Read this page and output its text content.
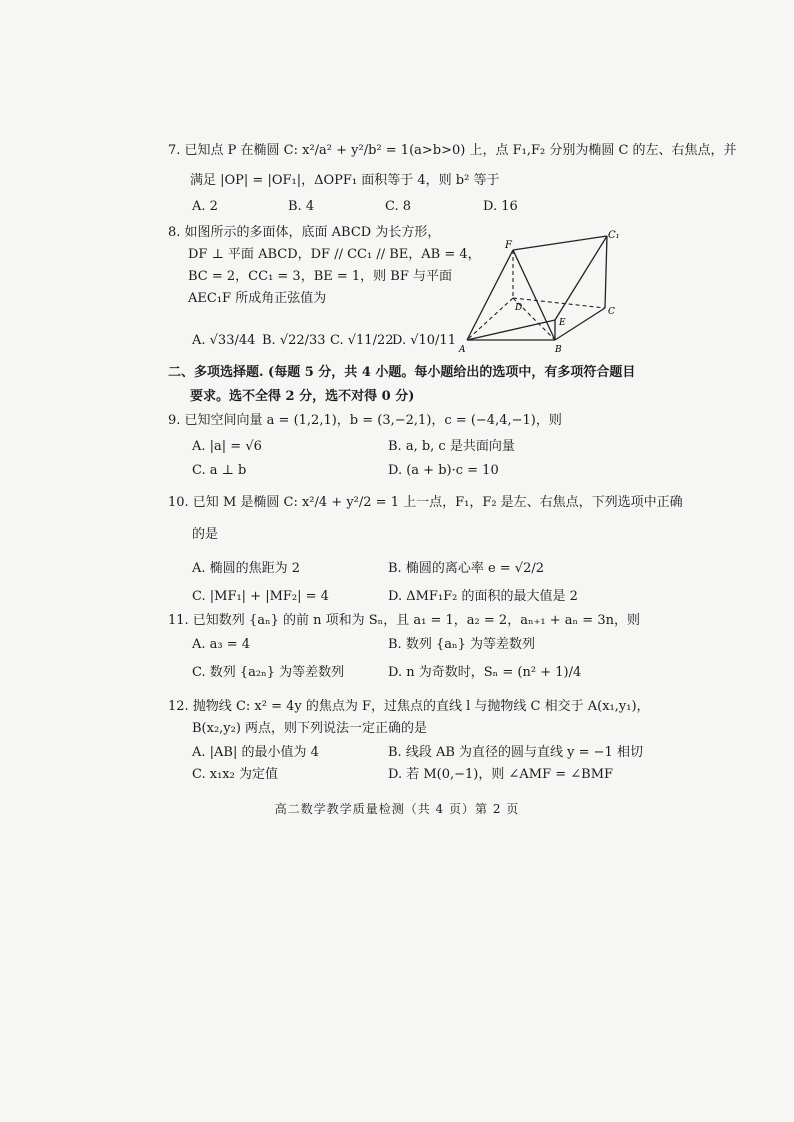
7. 已知点 P 在椭圆 C: x²/a² + y²/b² = 1(a>b>0) 上，点 F₁,F₂ 分别为椭圆 C 的左、右焦点，并
满足 |OP| = |OF₁|，ΔOPF₁ 面积等于 4，则 b² 等于
A. 2	B. 4	C. 8	D. 16
8. 如图所示的多面体，底面 ABCD 为长方形，
DF ⊥ 平面 ABCD，DF // CC₁ // BE，AB = 4，
BC = 2，CC₁ = 3，BE = 1，则 BF 与平面
AEC₁F 所成角正弦值为
A. √33/44 B. √22/33 C. √11/22
D. √10/11
F
C₁
D	C
E
A	B
二、多项选择题. (每题 5 分，共 4 小题。每小题给出的选项中，有多项符合题目
要求。选不全得 2 分，选不对得 0 分)
9. 已知空间向量 a = (1,2,1)，b = (3,−2,1)，c = (−4,4,−1)，则
A. |a| = √6	B. a, b, c 是共面向量
C. a ⊥ b	D. (a + b)·c = 10
10. 已知 M 是椭圆 C: x²/4 + y²/2 = 1 上一点，F₁，F₂ 是左、右焦点，下列选项中正确
的是
A. 椭圆的焦距为 2	B. 椭圆的离心率 e = √2/2
C. |MF₁| + |MF₂| = 4	D. ΔMF₁F₂ 的面积的最大值是 2
11. 已知数列 {aₙ} 的前 n 项和为 Sₙ，且 a₁ = 1，a₂ = 2，aₙ₊₁ + aₙ = 3n，则
A. a₃ = 4	B. 数列 {aₙ} 为等差数列
C. 数列 {a₂ₙ} 为等差数列	D. n 为奇数时，Sₙ = (n² + 1)/4
12. 抛物线 C: x² = 4y 的焦点为 F，过焦点的直线 l 与抛物线 C 相交于 A(x₁,y₁)，
B(x₂,y₂) 两点，则下列说法一定正确的是
A. |AB| 的最小值为 4	B. 线段 AB 为直径的圆与直线 y = −1 相切
C. x₁x₂ 为定值	D. 若 M(0,−1)，则 ∠AMF = ∠BMF
高二数学教学质量检测（共 4 页）第 2 页
